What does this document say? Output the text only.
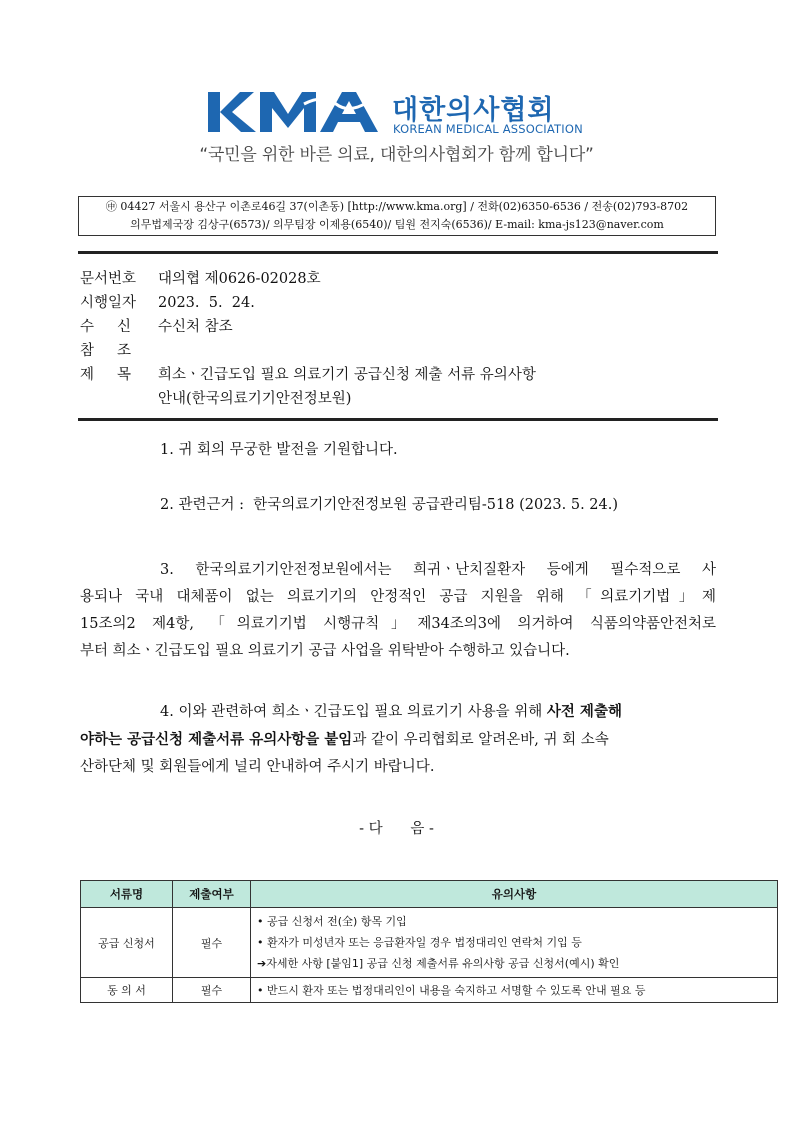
대한의사협회
KOREAN MEDICAL ASSOCIATION
“국민을 위한 바른 의료, 대한의사협회가 함께 합니다”
㊥ 04427 서울시 용산구 이촌로46길 37(이촌동) [http://www.kma.org] / 전화(02)6350-6536 / 전송(02)793-8702
의무법제국장 김상구(6573)/ 의무팀장 이제용(6540)/ 팀원 전지숙(6536)/ E-mail: kma-js123@naver.com
문서번호	대의협 제0626-02028호
시행일자	2023.  5.  24.
수     신	수신처 참조
참     조
제     목	희소ㆍ긴급도입 필요 의료기기 공급신청 제출 서류 유의사항
안내(한국의료기기안전정보원)
1. 귀 회의 무궁한 발전을 기원합니다.
2. 관련근거 :  한국의료기기안전정보원 공급관리팀-518 (2023. 5. 24.)
3. 한국의료기기안전정보원에서는 희귀ㆍ난치질환자 등에게 필수적으로 사
용되나 국내 대체품이 없는 의료기기의 안정적인 공급 지원을 위해 「의료기기법」제
15조의2 제4항, 「의료기기법 시행규칙」제34조의3에 의거하여 식품의약품안전처로
부터 희소ㆍ긴급도입 필요 의료기기 공급 사업을 위탁받아 수행하고 있습니다.
4. 이와 관련하여 희소ㆍ긴급도입 필요 의료기기 사용을 위해 사전 제출해
야하는 공급신청 제출서류 유의사항을 붙임과 같이 우리협회로 알려온바, 귀 회 소속
산하단체 및 회원들에게 널리 안내하여 주시기 바랍니다.
- 다      음 -
서류명	제출여부	유의사항
공급 신청서	필수	• 공급 신청서 전(全) 항목 기입
• 환자가 미성년자 또는 응급환자일 경우 법정대리인 연락처 기입 등
➔자세한 사항 [붙임1] 공급 신청 제출서류 유의사항 공급 신청서(예시) 확인

동 의 서	필수	• 반드시 환자 또는 법정대리인이 내용을 숙지하고 서명할 수 있도록 안내 필요 등
